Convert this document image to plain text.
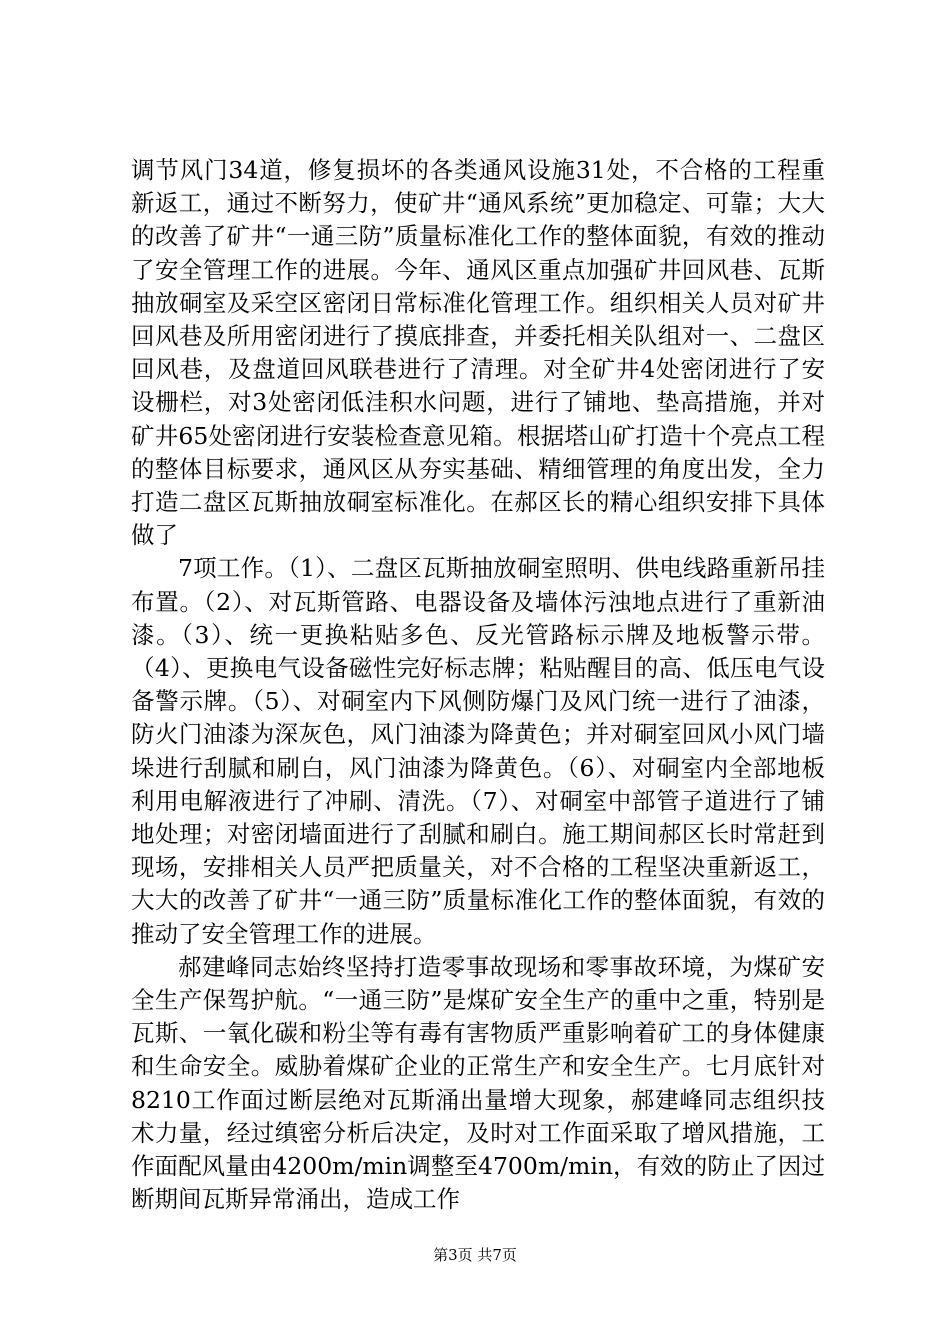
调节风门34道，修复损坏的各类通风设施31处，不合格的工程重新返工，通过不断努力，使矿井“通风系统”更加稳定、可靠；大大的改善了矿井“一通三防”质量标准化工作的整体面貌，有效的推动了安全管理工作的进展。今年、通风区重点加强矿井回风巷、瓦斯抽放硐室及采空区密闭日常标准化管理工作。组织相关人员对矿井回风巷及所用密闭进行了摸底排查，并委托相关队组对一、二盘区回风巷，及盘道回风联巷进行了清理。对全矿井4处密闭进行了安设栅栏，对3处密闭低洼积水问题，进行了铺地、垫高措施，并对矿井65处密闭进行安装检查意见箱。根据塔山矿打造十个亮点工程的整体目标要求，通风区从夯实基础、精细管理的角度出发，全力打造二盘区瓦斯抽放硐室标准化。在郝区长的精心组织安排下具体做了

7项工作。（1）、二盘区瓦斯抽放硐室照明、供电线路重新吊挂布置。（2）、对瓦斯管路、电器设备及墙体污浊地点进行了重新油漆。（3）、统一更换粘贴多色、反光管路标示牌及地板警示带。（4）、更换电气设备磁性完好标志牌；粘贴醒目的高、低压电气设备警示牌。（5）、对硐室内下风侧防爆门及风门统一进行了油漆，防火门油漆为深灰色，风门油漆为降黄色；并对硐室回风小风门墙垛进行刮腻和刷白，风门油漆为降黄色。（6）、对硐室内全部地板利用电解液进行了冲刷、清洗。（7）、对硐室中部管子道进行了铺地处理；对密闭墙面进行了刮腻和刷白。施工期间郝区长时常赶到现场，安排相关人员严把质量关，对不合格的工程坚决重新返工，大大的改善了矿井“一通三防”质量标准化工作的整体面貌，有效的推动了安全管理工作的进展。

郝建峰同志始终坚持打造零事故现场和零事故环境，为煤矿安全生产保驾护航。“一通三防”是煤矿安全生产的重中之重，特别是瓦斯、一氧化碳和粉尘等有毒有害物质严重影响着矿工的身体健康和生命安全。威胁着煤矿企业的正常生产和安全生产。七月底针对8210工作面过断层绝对瓦斯涌出量增大现象，郝建峰同志组织技术力量，经过缜密分析后决定，及时对工作面采取了增风措施，工作面配风量由4200m/min调整至4700m/min，有效的防止了因过断期间瓦斯异常涌出，造成工作

第3页 共7页
